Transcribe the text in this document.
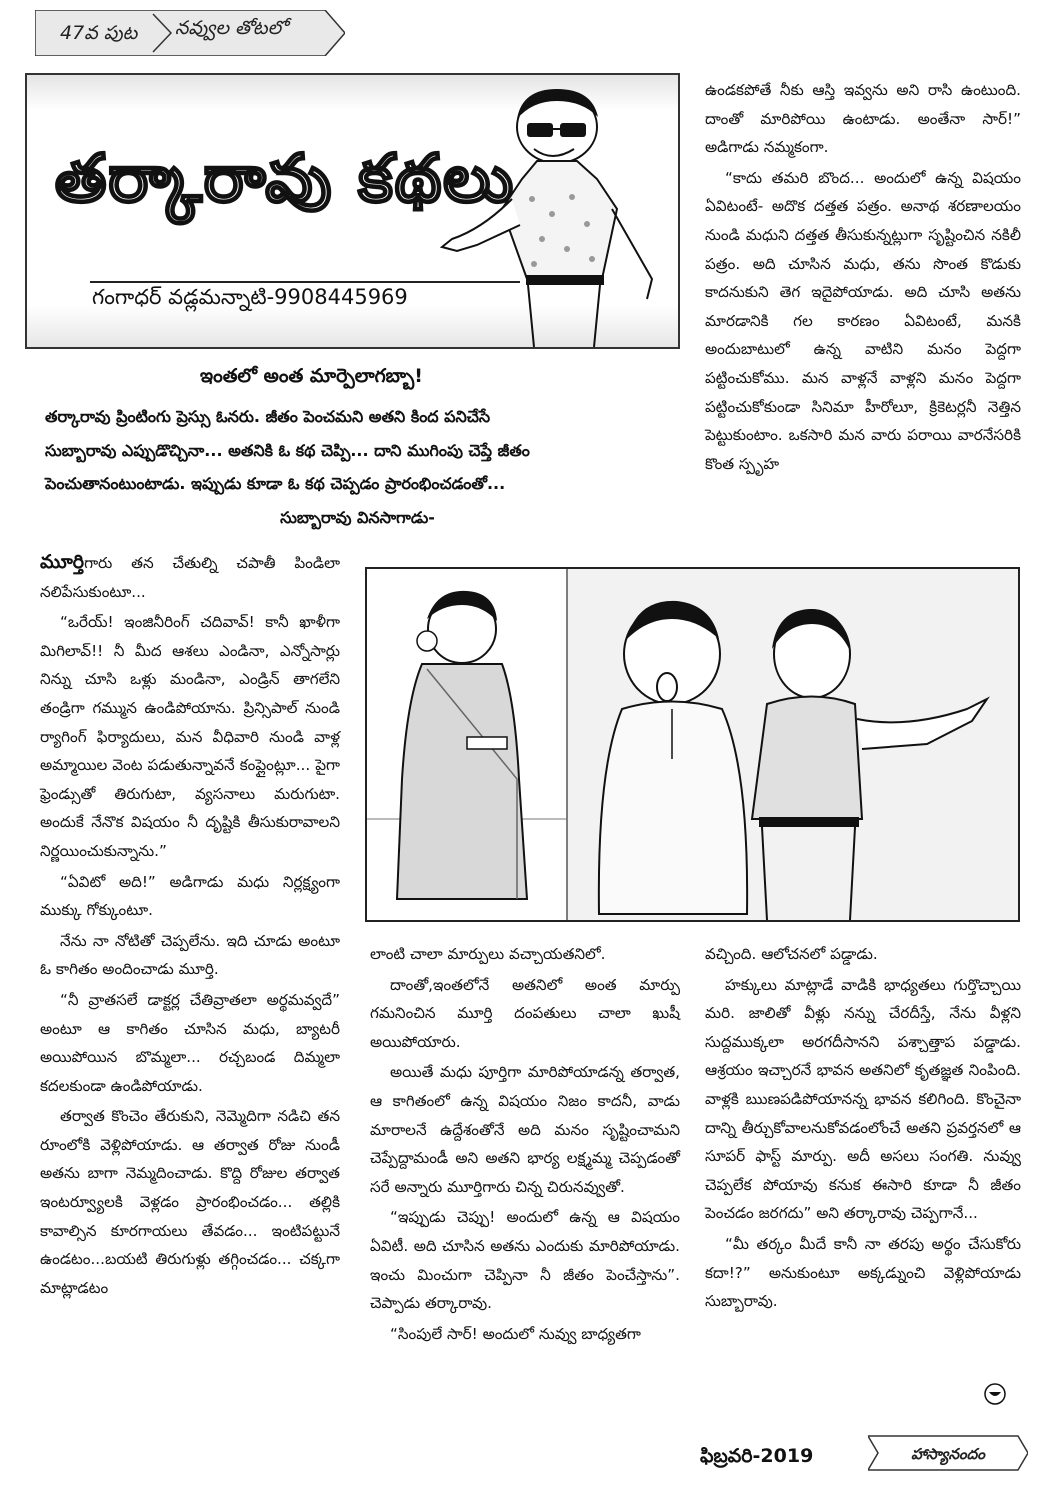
47వ పుట నవ్వుల తోటలో
తర్కారావు కథలు
గంగాధర్ వడ్లమన్నాటి-9908445969
ఇంతలో అంత మార్పెలాగబ్బా!
తర్కారావు ప్రింటింగు ప్రెస్సు ఓనరు. జీతం పెంచమని అతని కింద పనిచేసే
సుబ్బారావు ఎప్పుడొచ్చినా... అతనికి ఓ కథ చెప్పి... దాని ముగింపు చెప్తే జీతం
పెంచుతానంటుంటాడు. ఇప్పుడు కూడా ఓ కథ చెప్పడం ప్రారంభించడంతో...
సుబ్బారావు వినసాగాడు-

ఉండకపోతే నీకు ఆస్తి ఇవ్వను అని రాసి ఉంటుంది. దాంతో మారిపోయి ఉంటాడు. అంతేనా సార్!” అడిగాడు నమ్మకంగా.

“కాదు తమరి బొంద... అందులో ఉన్న విషయం ఏవిటంటే- అదొక దత్తత పత్రం. అనాథ శరణాలయం నుండి మధుని దత్తత తీసుకున్నట్లుగా సృష్టించిన నకిలీ పత్రం. అది చూసిన మధు, తను సొంత కొడుకు కాదనుకుని తెగ ఇదైపోయాడు. అది చూసి అతను మారడానికి గల కారణం ఏవిటంటే, మనకి అందుబాటులో ఉన్న వాటిని మనం పెద్దగా పట్టించుకోము. మన వాళ్లనే వాళ్లని మనం పెద్దగా పట్టించుకోకుండా సినిమా హీరోలూ, క్రికెటర్లనీ నెత్తిన పెట్టుకుంటాం. ఒకసారి మన వారు పరాయి వారనేసరికి కొంత స్పృహ

మూర్తిగారు తన చేతుల్ని చపాతీ పిండిలా నలిపేసుకుంటూ...

“ఒరేయ్! ఇంజినీరింగ్ చదివావ్! కానీ ఖాళీగా మిగిలావ్!! నీ మీద ఆశలు ఎండినా, ఎన్నోసార్లు నిన్ను చూసి ఒళ్లు మండినా, ఎండ్రిన్ తాగలేని తండ్రిగా గమ్మున ఉండిపోయాను. ప్రిన్సిపాల్ నుండి ర్యాగింగ్ ఫిర్యాదులు, మన వీధివారి నుండి వాళ్ల అమ్మాయిల వెంట పడుతున్నావనే కంప్లైంట్లూ... పైగా ఫ్రెండ్సుతో తిరుగుటా, వ్యసనాలు మరుగుటా. అందుకే నేనొక విషయం నీ దృష్టికి తీసుకురావాలని నిర్ణయించుకున్నాను.”

“ఏవిటో అది!” అడిగాడు మధు నిర్లక్ష్యంగా ముక్కు గోక్కుంటూ.

నేను నా నోటితో చెప్పలేను. ఇది చూడు అంటూ ఓ కాగితం అందించాడు మూర్తి.

“నీ వ్రాతసలే డాక్టర్ల చేతివ్రాతలా అర్థమవ్వదే” అంటూ ఆ కాగితం చూసిన మధు, బ్యాటరీ అయిపోయిన బొమ్మలా... రచ్చబండ దిమ్మలా కదలకుండా ఉండిపోయాడు.

తర్వాత కొంచెం తేరుకుని, నెమ్మెదిగా నడిచి తన రూంలోకి వెళ్లిపోయాడు. ఆ తర్వాత రోజు నుండీ అతను బాగా నెమ్మదించాడు. కొద్ది రోజుల తర్వాత ఇంటర్వ్యూలకి వెళ్లడం ప్రారంభించడం... తల్లికి కావాల్సిన కూరగాయలు తేవడం... ఇంటిపట్టునే ఉండటం...బయటి తిరుగుళ్లు తగ్గించడం... చక్కగా మాట్లాడటం

లాంటి చాలా మార్పులు వచ్చాయతనిలో.

దాంతో,ఇంతలోనే అతనిలో అంత మార్పు గమనించిన మూర్తి దంపతులు చాలా ఖుషీ అయిపోయారు.

అయితే మధు పూర్తిగా మారిపోయాడన్న తర్వాత, ఆ కాగితంలో ఉన్న విషయం నిజం కాదనీ, వాడు మారాలనే ఉద్దేశంతోనే అది మనం సృష్టించామని చెప్పేద్దామండీ అని అతని భార్య లక్ష్మమ్మ చెప్పడంతో సరే అన్నారు మూర్తిగారు చిన్న చిరునవ్వుతో.

“ఇప్పుడు చెప్పు! అందులో ఉన్న ఆ విషయం ఏవిటీ. అది చూసిన అతను ఎందుకు మారిపోయాడు. ఇంచు మించుగా చెప్పినా నీ జీతం పెంచేస్తాను”. చెప్పాడు తర్కారావు.

“సింపులే సార్! అందులో నువ్వు బాధ్యతగా

వచ్చింది. ఆలోచనలో పడ్డాడు.

హక్కులు మాట్లాడే వాడికి భాధ్యతలు గుర్తొచ్చాయి మరి. జాలితో వీళ్లు నన్ను చేరదీస్తే, నేను వీళ్లని సుద్దముక్కలా అరగదీసానని పశ్చాత్తాప పడ్డాడు. ఆశ్రయం ఇచ్చారనే భావన అతనిలో కృతజ్ఞత నింపింది. వాళ్లకి ఋణపడిపోయానన్న భావన కలిగింది. కొంచైనా దాన్ని తీర్చుకోవాలనుకోవడంలోంచే అతని ప్రవర్తనలో ఆ సూపర్ ఫాస్ట్ మార్పు. అదీ అసలు సంగతి. నువ్వు చెప్పలేక పోయావు కనుక ఈసారి కూడా నీ జీతం పెంచడం జరగదు” అని తర్కారావు చెప్పగానే...

“మీ తర్కం మీదే కానీ నా తరపు అర్థం చేసుకోరు కదా!?” అనుకుంటూ అక్కడ్నుంచి వెళ్లిపోయాడు సుబ్బారావు.

ఫిబ్రవరి-2019	హాస్యానందం
